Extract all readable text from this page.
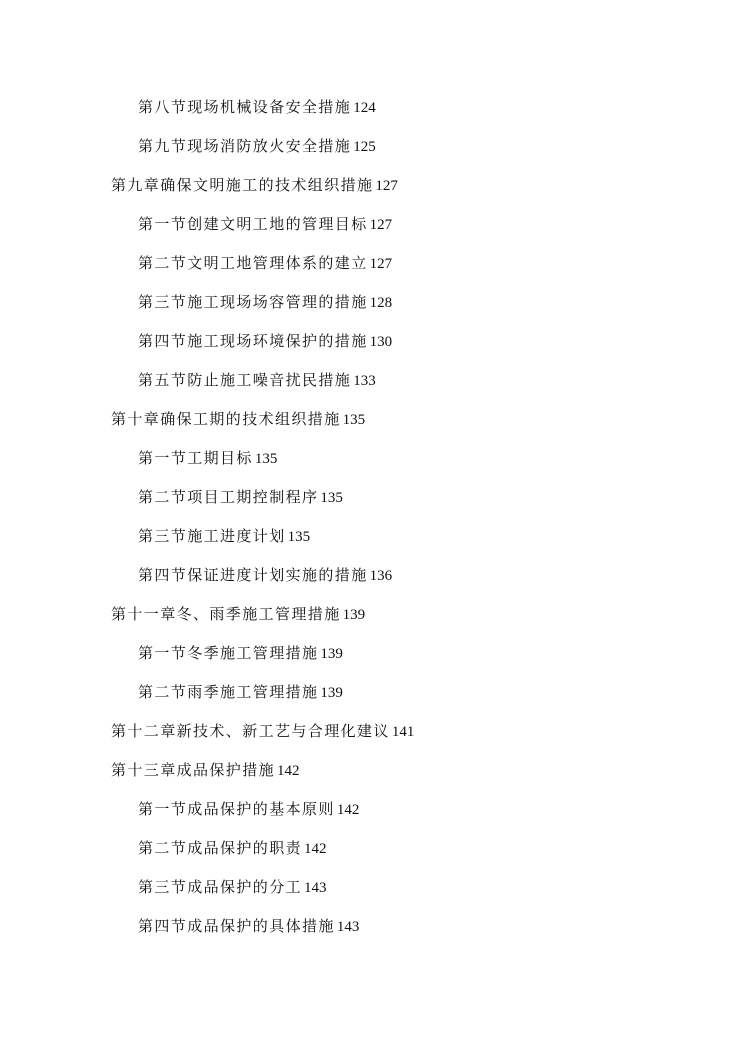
第八节现场机械设备安全措施 124
第九节现场消防放火安全措施 125
第九章确保文明施工的技术组织措施 127
第一节创建文明工地的管理目标 127
第二节文明工地管理体系的建立 127
第三节施工现场场容管理的措施 128
第四节施工现场环境保护的措施 130
第五节防止施工噪音扰民措施 133
第十章确保工期的技术组织措施 135
第一节工期目标 135
第二节项目工期控制程序 135
第三节施工进度计划 135
第四节保证进度计划实施的措施 136
第十一章冬、雨季施工管理措施 139
第一节冬季施工管理措施 139
第二节雨季施工管理措施 139
第十二章新技术、新工艺与合理化建议 141
第十三章成品保护措施 142
第一节成品保护的基本原则 142
第二节成品保护的职责 142
第三节成品保护的分工 143
第四节成品保护的具体措施 143
